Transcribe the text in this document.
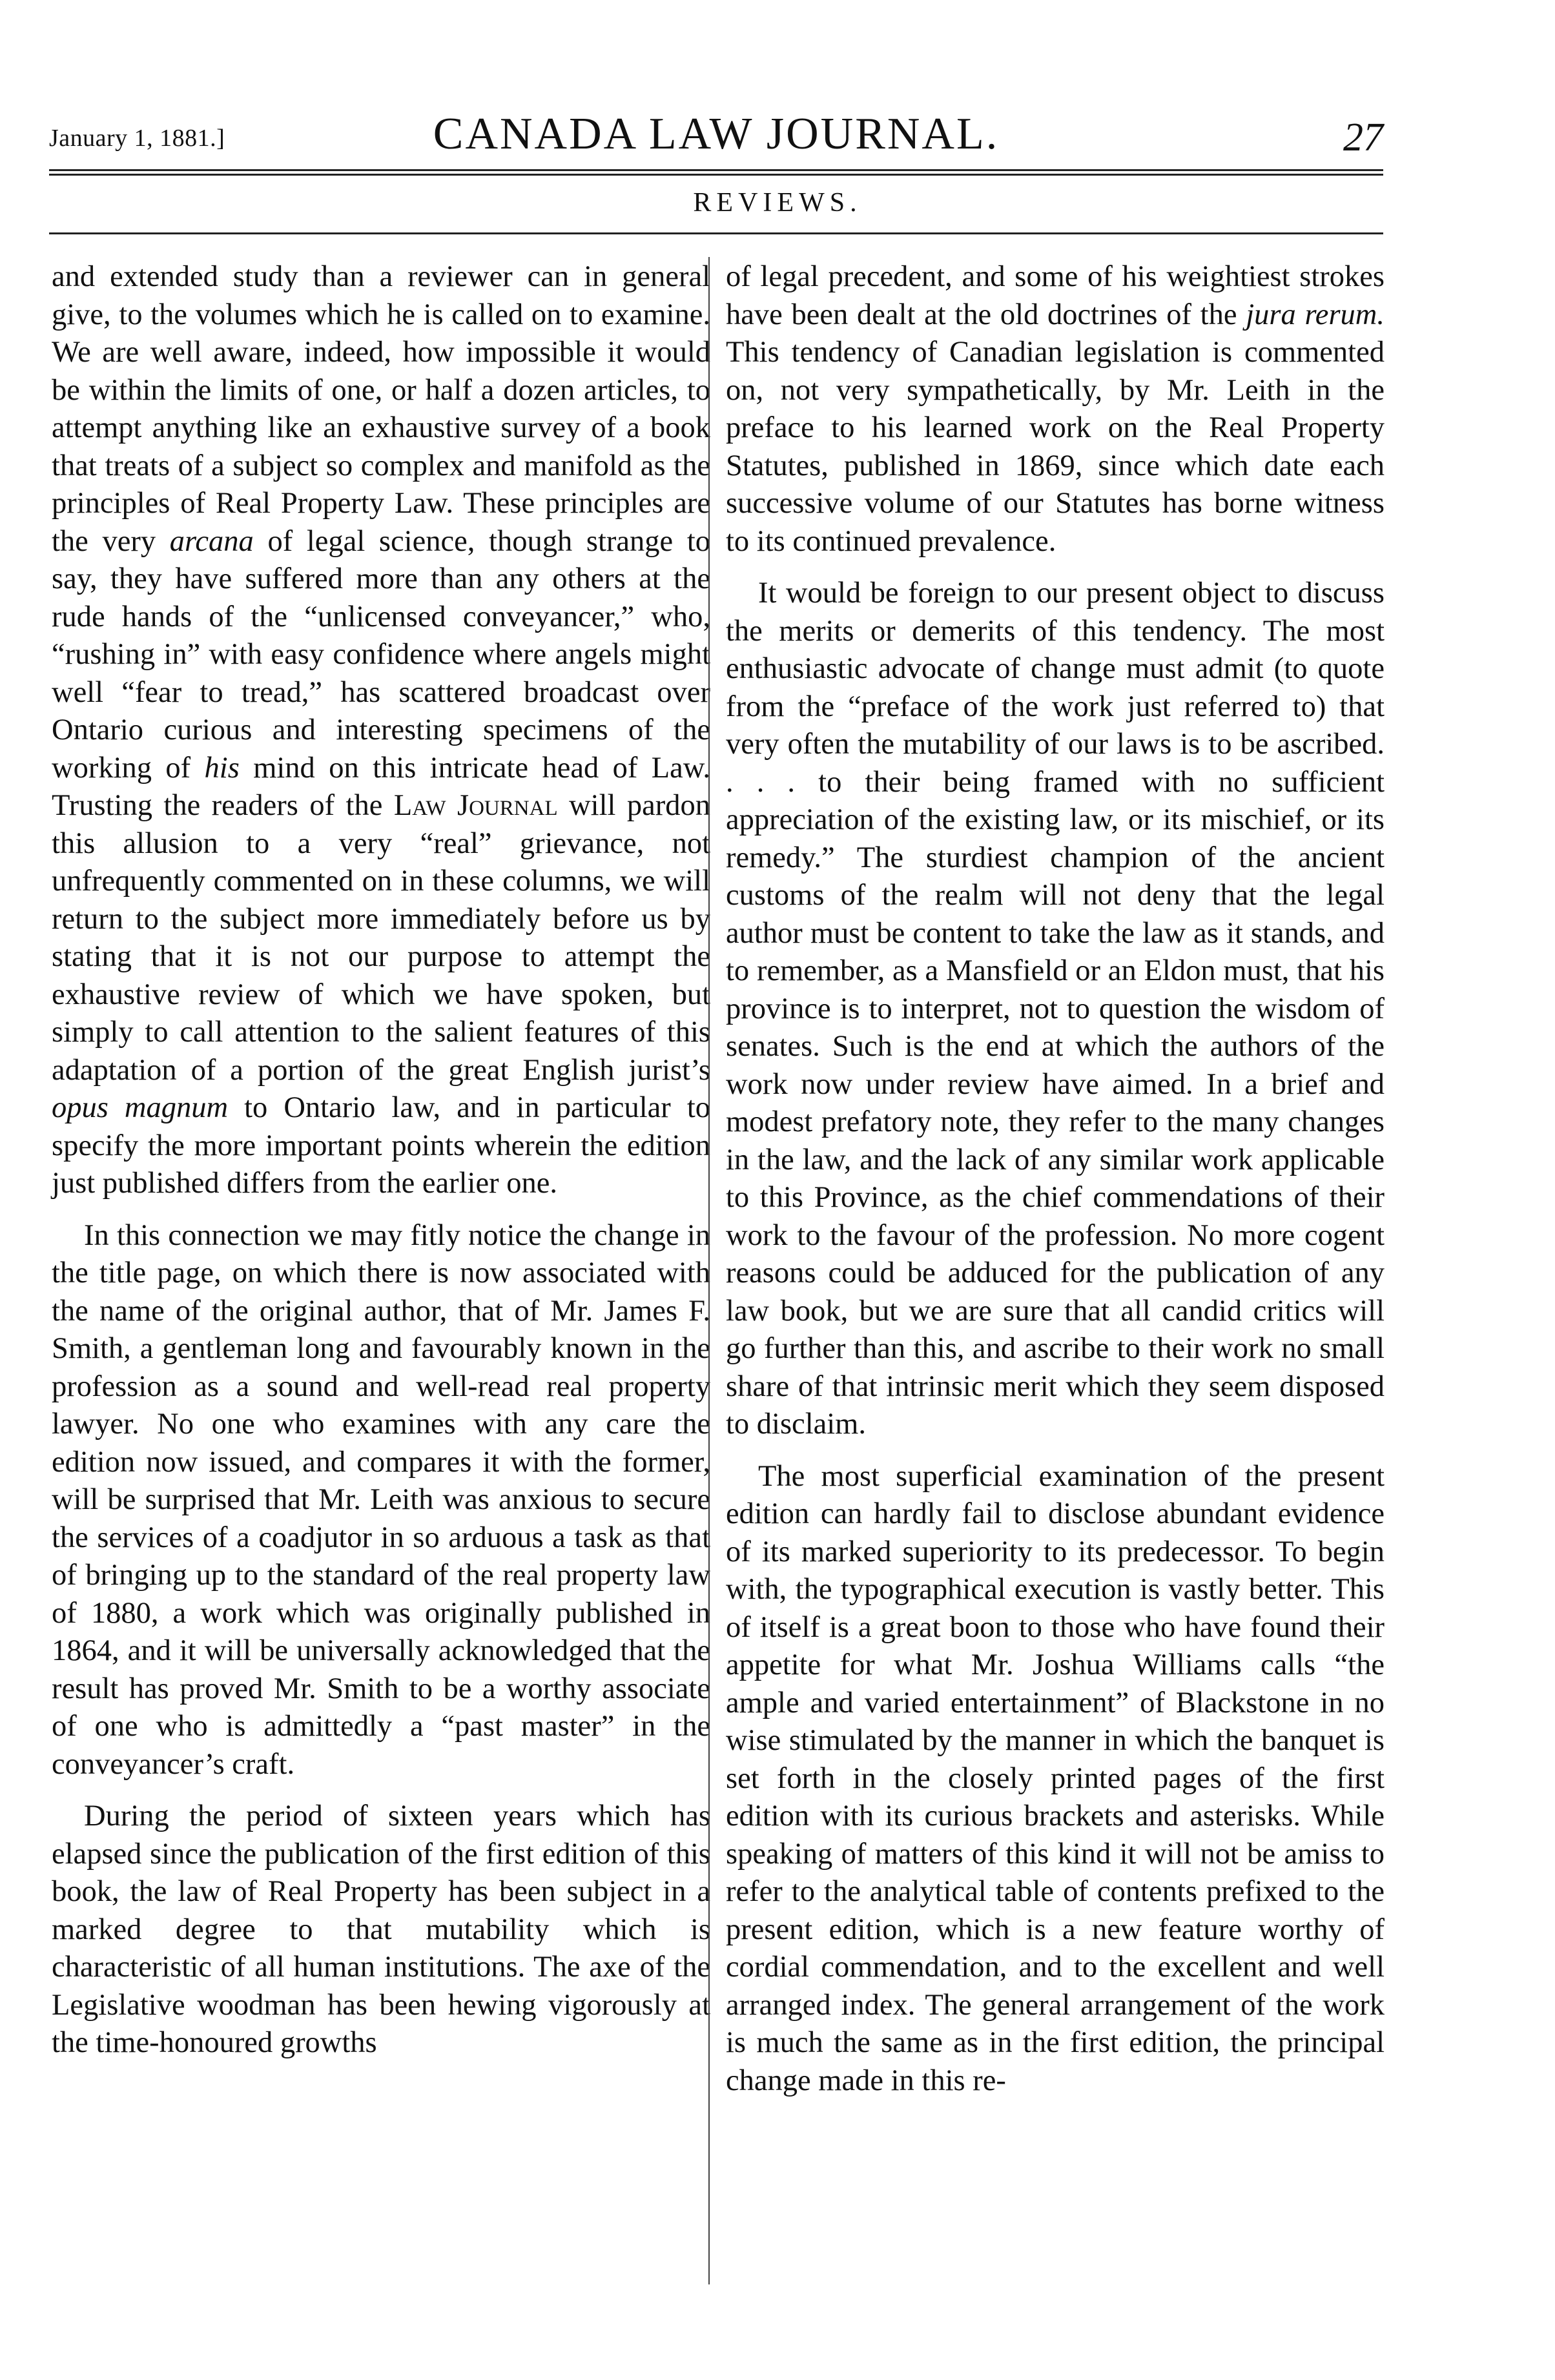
January 1, 1881.]	CANADA LAW JOURNAL.	27
REVIEWS.

and extended study than a reviewer can in general give, to the volumes which he is called on to examine. We are well aware, indeed, how impossible it would be within the limits of one, or half a dozen articles, to attempt anything like an exhaustive survey of a book that treats of a subject so complex and manifold as the principles of Real Property Law. These principles are the very arcana of legal science, though strange to say, they have suffered more than any others at the rude hands of the “unlicensed conveyancer,” who, “rushing in” with easy confidence where angels might well “fear to tread,” has scattered broadcast over Ontario curious and interesting specimens of the working of his mind on this intricate head of Law. Trusting the readers of the Law Journal will pardon this allusion to a very “real” grievance, not unfrequently commented on in these columns, we will return to the subject more immediately before us by stating that it is not our purpose to attempt the exhaustive review of which we have spoken, but simply to call attention to the salient features of this adaptation of a portion of the great English jurist’s opus magnum to Ontario law, and in particular to specify the more important points wherein the edition just published differs from the earlier one.

In this connection we may fitly notice the change in the title page, on which there is now associated with the name of the original author, that of Mr. James F. Smith, a gentleman long and favourably known in the profession as a sound and well-read real property lawyer. No one who examines with any care the edition now issued, and compares it with the former, will be surprised that Mr. Leith was anxious to secure the services of a coadjutor in so arduous a task as that of bringing up to the standard of the real property law of 1880, a work which was originally published in 1864, and it will be universally acknowledged that the result has proved Mr. Smith to be a worthy associate of one who is admittedly a “past master” in the conveyancer’s craft.

During the period of sixteen years which has elapsed since the publication of the first edition of this book, the law of Real Property has been subject in a marked degree to that mutability which is characteristic of all human institutions. The axe of the Legislative woodman has been hewing vigorously at the time-honoured growths

of legal precedent, and some of his weightiest strokes have been dealt at the old doctrines of the jura rerum. This tendency of Canadian legislation is commented on, not very sympathetically, by Mr. Leith in the preface to his learned work on the Real Property Statutes, published in 1869, since which date each successive volume of our Statutes has borne witness to its continued prevalence.

It would be foreign to our present object to discuss the merits or demerits of this tendency. The most enthusiastic advocate of change must admit (to quote from the “preface of the work just referred to) that very often the mutability of our laws is to be ascribed. . . . to their being framed with no sufficient appreciation of the existing law, or its mischief, or its remedy.” The sturdiest champion of the ancient customs of the realm will not deny that the legal author must be content to take the law as it stands, and to remember, as a Mansfield or an Eldon must, that his province is to interpret, not to question the wisdom of senates. Such is the end at which the authors of the work now under review have aimed. In a brief and modest prefatory note, they refer to the many changes in the law, and the lack of any similar work applicable to this Province, as the chief commendations of their work to the favour of the profession. No more cogent reasons could be adduced for the publication of any law book, but we are sure that all candid critics will go further than this, and ascribe to their work no small share of that intrinsic merit which they seem disposed to disclaim.

The most superficial examination of the present edition can hardly fail to disclose abundant evidence of its marked superiority to its predecessor. To begin with, the typographical execution is vastly better. This of itself is a great boon to those who have found their appetite for what Mr. Joshua Williams calls “the ample and varied entertainment” of Blackstone in no wise stimulated by the manner in which the banquet is set forth in the closely printed pages of the first edition with its curious brackets and asterisks. While speaking of matters of this kind it will not be amiss to refer to the analytical table of contents prefixed to the present edition, which is a new feature worthy of cordial commendation, and to the excellent and well arranged index. The general arrangement of the work is much the same as in the first edition, the principal change made in this re-
